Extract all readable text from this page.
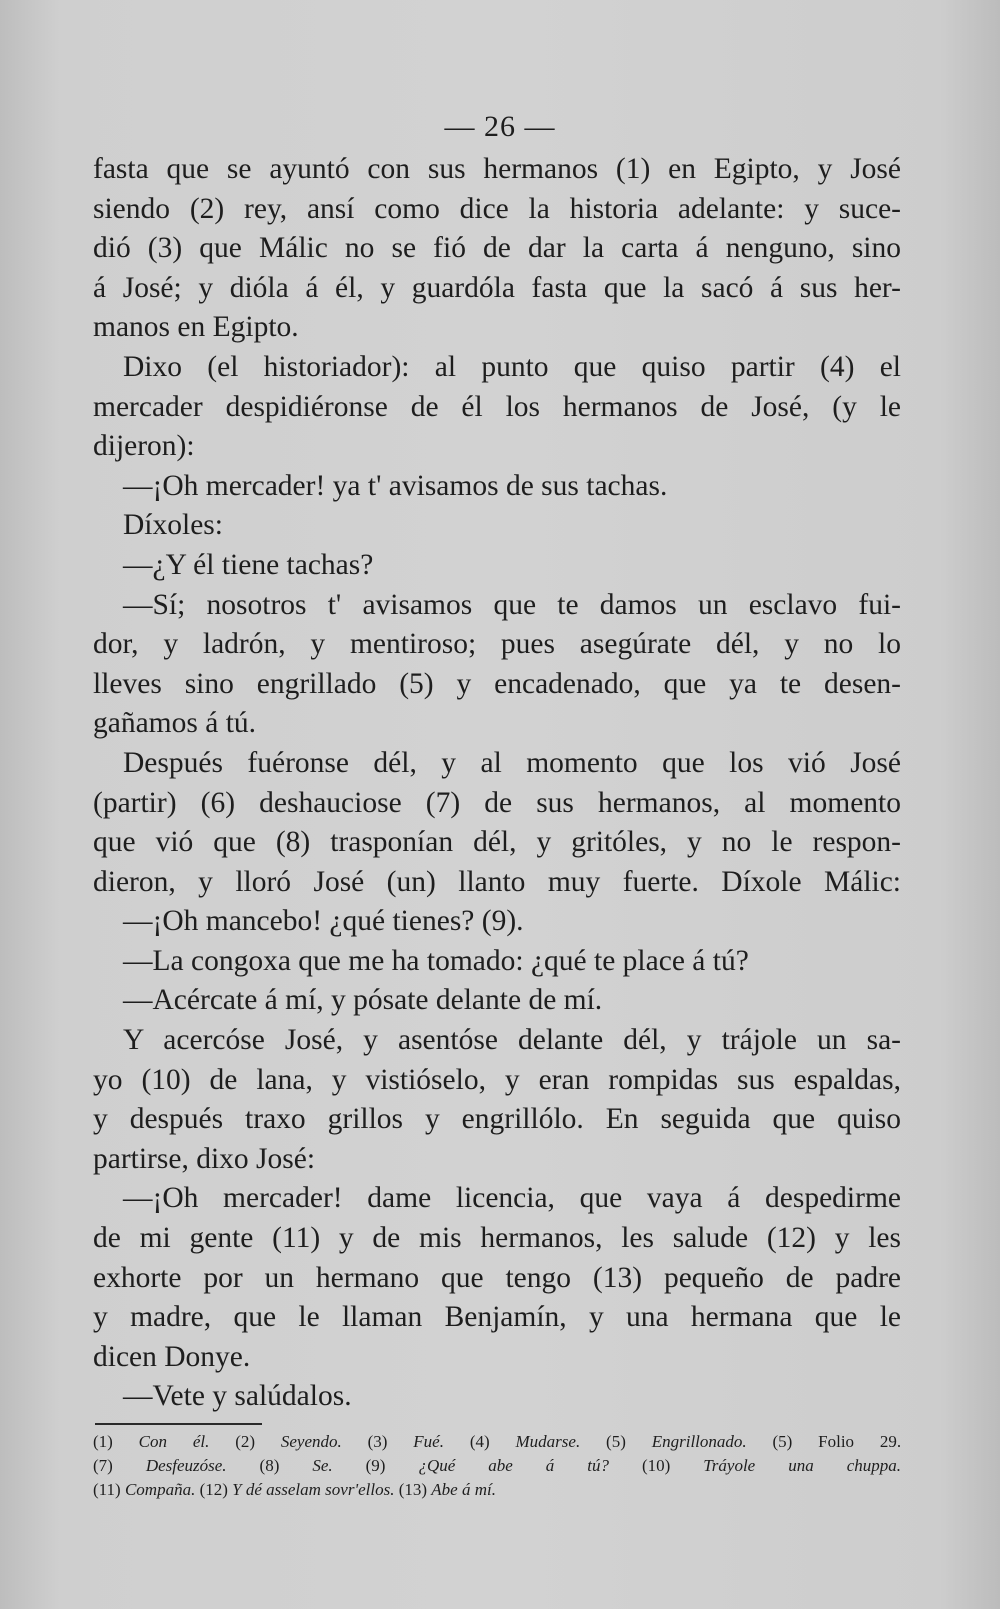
— 26 —
fasta que se ayuntó con sus hermanos (1) en Egipto, y José
siendo (2) rey, ansí como dice la historia adelante: y suce-
dió (3) que Málic no se fió de dar la carta á nenguno, sino
á José; y dióla á él, y guardóla fasta que la sacó á sus her-
manos en Egipto.
Dixo (el historiador): al punto que quiso partir (4) el
mercader despidiéronse de él los hermanos de José, (y le
dijeron):
—¡Oh mercader! ya t' avisamos de sus tachas.
Díxoles:
—¿Y él tiene tachas?
—Sí; nosotros t' avisamos que te damos un esclavo fui-
dor, y ladrón, y mentiroso; pues asegúrate dél, y no lo
lleves sino engrillado (5) y encadenado, que ya te desen-
gañamos á tú.
Después fuéronse dél, y al momento que los vió José
(partir) (6) deshauciose (7) de sus hermanos, al momento
que vió que (8) trasponían dél, y gritóles, y no le respon-
dieron, y lloró José (un) llanto muy fuerte. Díxole Málic:
—¡Oh mancebo! ¿qué tienes? (9).
—La congoxa que me ha tomado: ¿qué te place á tú?
—Acércate á mí, y pósate delante de mí.
Y acercóse José, y asentóse delante dél, y trájole un sa-
yo (10) de lana, y vistióselo, y eran rompidas sus espaldas,
y después traxo grillos y engrillólo. En seguida que quiso
partirse, dixo José:
—¡Oh mercader! dame licencia, que vaya á despedirme
de mi gente (11) y de mis hermanos, les salude (12) y les
exhorte por un hermano que tengo (13) pequeño de padre
y madre, que le llaman Benjamín, y una hermana que le
dicen Donye.
—Vete y salúdalos.
(1) Con él. (2) Seyendo. (3) Fué. (4) Mudarse. (5) Engrillonado. (5) Folio 29.
(7) Desfeuzóse. (8) Se. (9) ¿Qué abe á tú? (10) Tráyole una chuppa.
(11) Compaña. (12) Y dé asselam sovr'ellos. (13) Abe á mí.
